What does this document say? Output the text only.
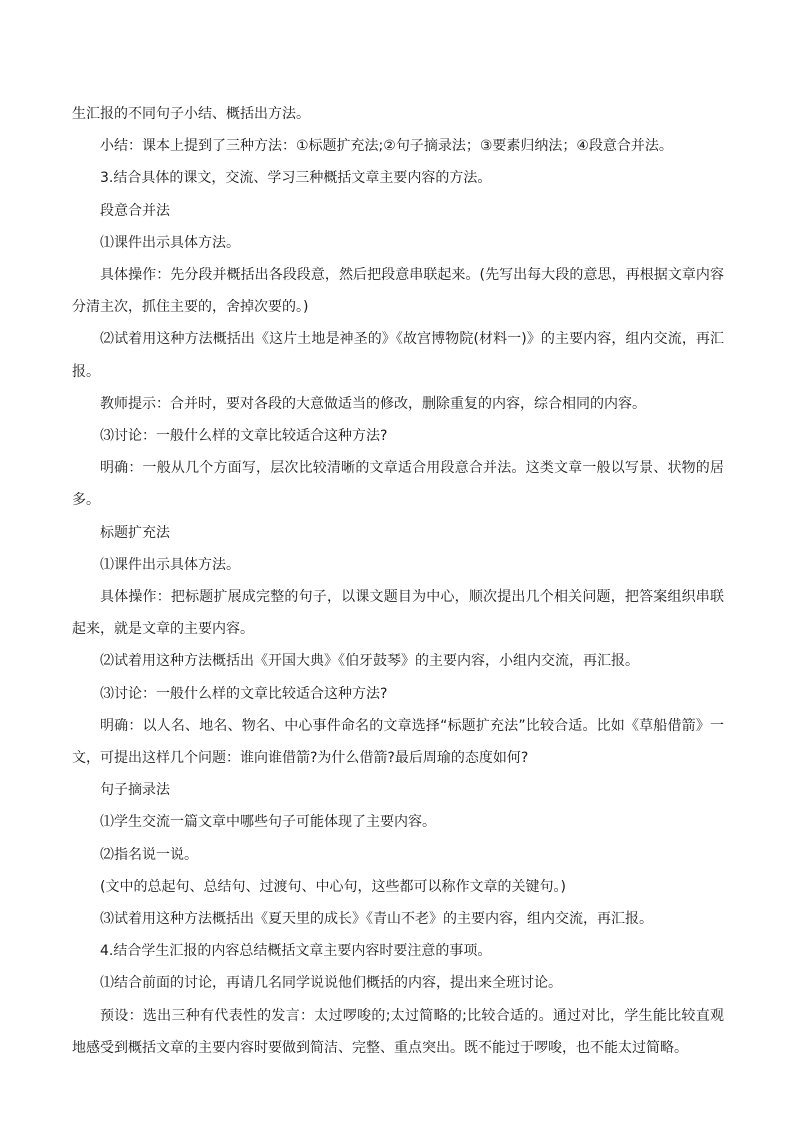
生汇报的不同句子小结、概括出方法。

小结：课本上提到了三种方法：①标题扩充法;②句子摘录法；③要素归纳法；④段意合并法。

3.结合具体的课文，交流、学习三种概括文章主要内容的方法。

段意合并法

⑴课件出示具体方法。

具体操作：先分段并概括出各段段意，然后把段意串联起来。(先写出每大段的意思，再根据文章内容分清主次，抓住主要的，舍掉次要的。)

⑵试着用这种方法概括出《这片土地是神圣的》《故宫博物院(材料一)》的主要内容，组内交流，再汇报。

教师提示：合并时，要对各段的大意做适当的修改，删除重复的内容，综合相同的内容。

⑶讨论：一般什么样的文章比较适合这种方法?

明确：一般从几个方面写，层次比较清晰的文章适合用段意合并法。这类文章一般以写景、状物的居多。

标题扩充法

⑴课件出示具体方法。

具体操作：把标题扩展成完整的句子，以课文题目为中心，顺次提出几个相关问题，把答案组织串联起来，就是文章的主要内容。

⑵试着用这种方法概括出《开国大典》《伯牙鼓琴》的主要内容，小组内交流，再汇报。

⑶讨论：一般什么样的文章比较适合这种方法?

明确：以人名、地名、物名、中心事件命名的文章选择“标题扩充法”比较合适。比如《草船借箭》一文，可提出这样几个问题：谁向谁借箭?为什么借箭?最后周瑜的态度如何?

句子摘录法

⑴学生交流一篇文章中哪些句子可能体现了主要内容。

⑵指名说一说。

(文中的总起句、总结句、过渡句、中心句，这些都可以称作文章的关键句。)

⑶试着用这种方法概括出《夏天里的成长》《青山不老》的主要内容，组内交流，再汇报。

4.结合学生汇报的内容总结概括文章主要内容时要注意的事项。

⑴结合前面的讨论，再请几名同学说说他们概括的内容，提出来全班讨论。

预设：选出三种有代表性的发言：太过啰唆的;太过简略的;比较合适的。通过对比，学生能比较直观地感受到概括文章的主要内容时要做到简洁、完整、重点突出。既不能过于啰唆，也不能太过简略。
